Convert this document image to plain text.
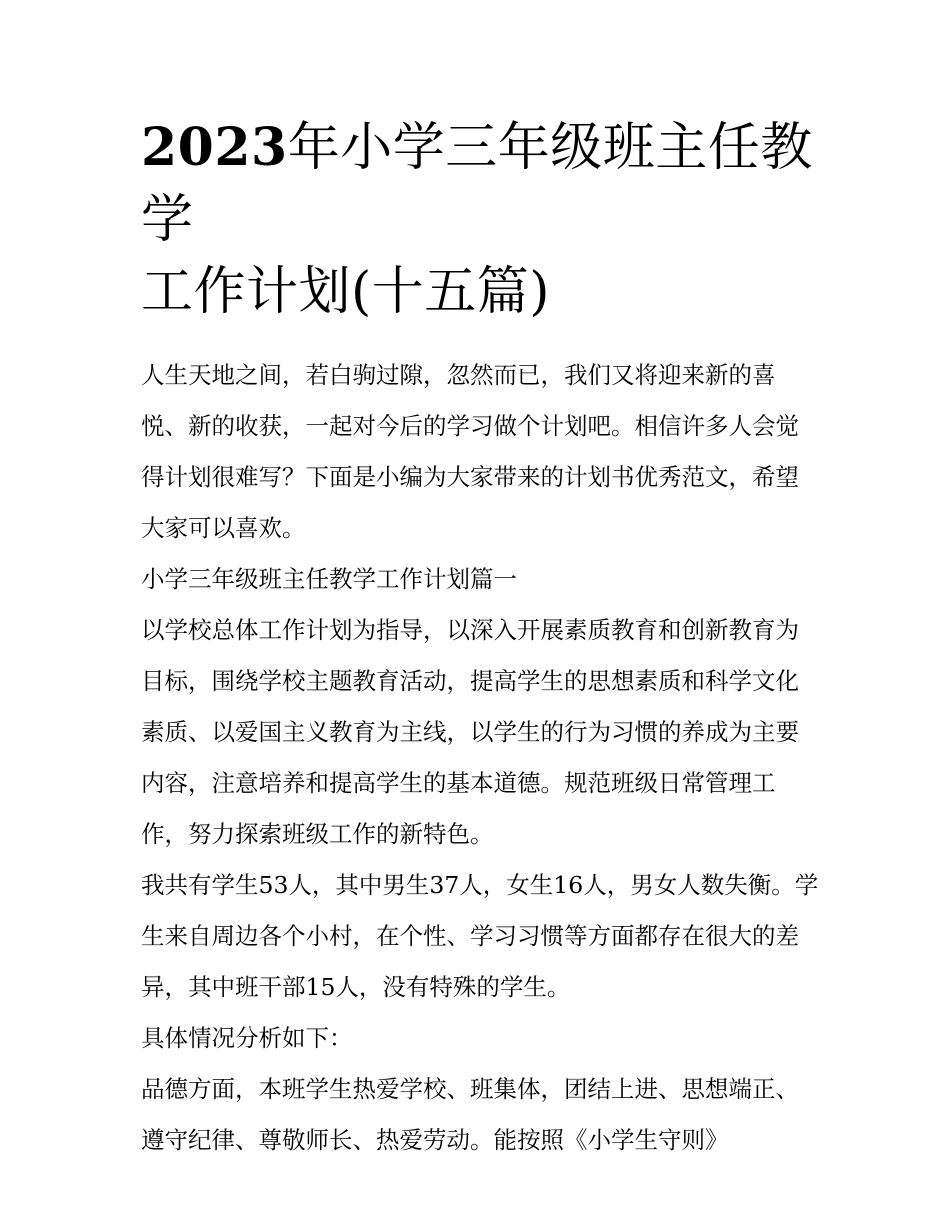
2023年小学三年级班主任教学
工作计划(十五篇)

人生天地之间，若白驹过隙，忽然而已，我们又将迎来新的喜悦、新的收获，一起对今后的学习做个计划吧。相信许多人会觉得计划很难写？下面是小编为大家带来的计划书优秀范文，希望大家可以喜欢。

小学三年级班主任教学工作计划篇一

以学校总体工作计划为指导，以深入开展素质教育和创新教育为目标，围绕学校主题教育活动，提高学生的思想素质和科学文化素质、以爱国主义教育为主线，以学生的行为习惯的养成为主要内容，注意培养和提高学生的基本道德。规范班级日常管理工作，努力探索班级工作的新特色。

我共有学生53人，其中男生37人，女生16人，男女人数失衡。学生来自周边各个小村，在个性、学习习惯等方面都存在很大的差异，其中班干部15人，没有特殊的学生。

具体情况分析如下：

品德方面，本班学生热爱学校、班集体，团结上进、思想端正、遵守纪律、尊敬师长、热爱劳动。能按照《小学生守则》
